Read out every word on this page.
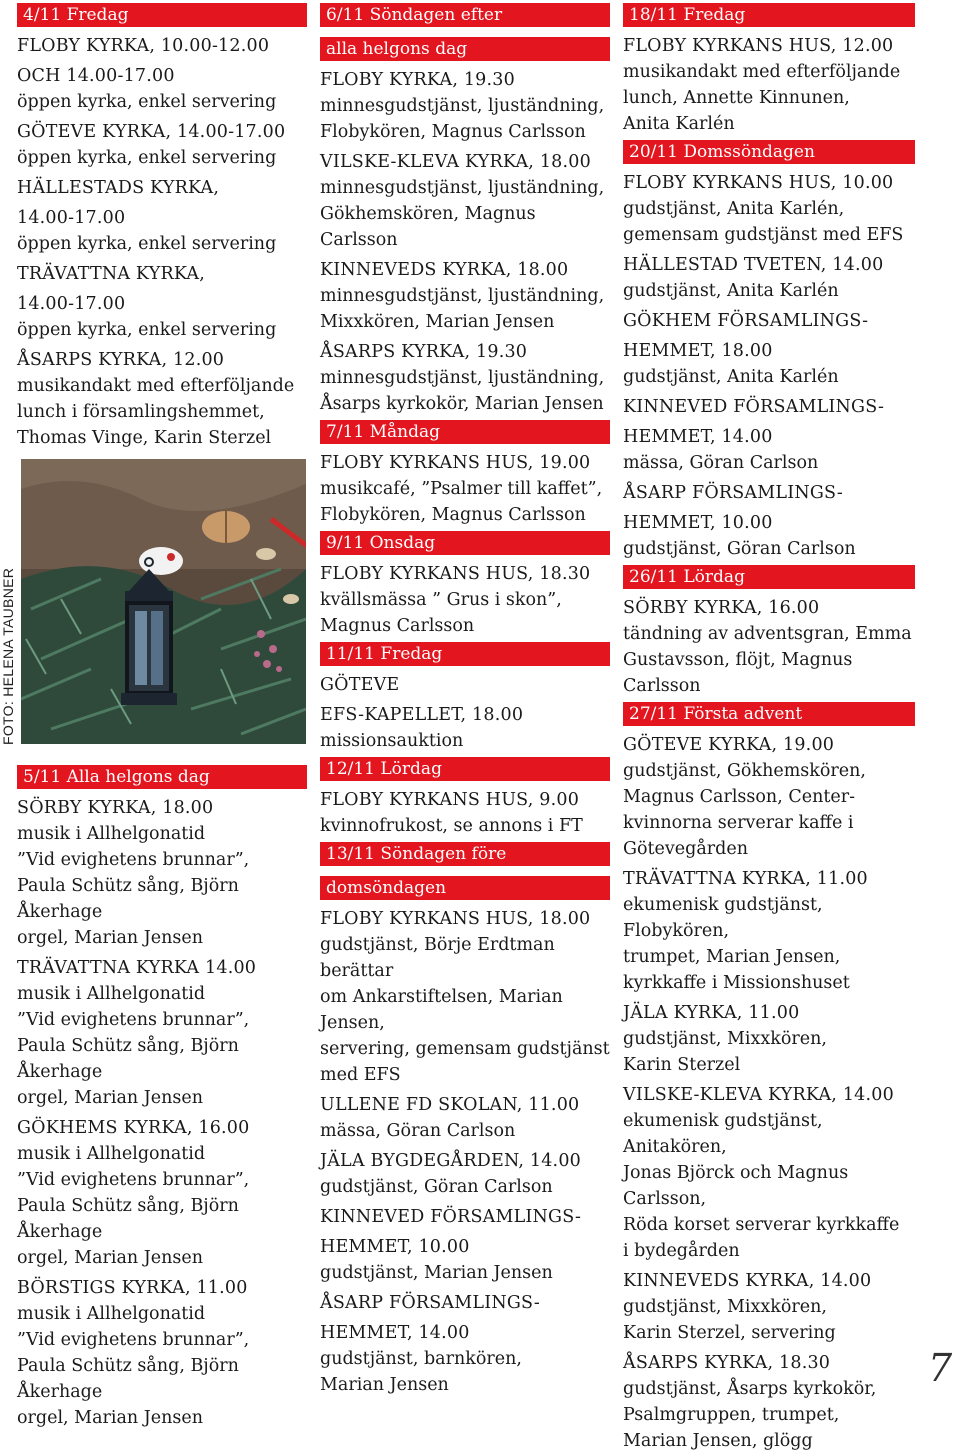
4/11 Fredag
FLOBY KYRKA, 10.00-12.00
OCH 14.00-17.00
öppen kyrka, enkel servering
GÖTEVE KYRKA, 14.00-17.00
öppen kyrka, enkel servering
HÄLLESTADS KYRKA,
14.00-17.00
öppen kyrka, enkel servering
TRÄVATTNA KYRKA,
14.00-17.00
öppen kyrka, enkel servering
ÅSARPS KYRKA, 12.00
musikandakt med efterföljande
lunch i församlingshemmet,
Thomas Vinge, Karin Sterzel
FOTO: HELENA TAUBNER
5/11 Alla helgons dag
SÖRBY KYRKA, 18.00
musik i Allhelgonatid
”Vid evighetens brunnar”,
Paula Schütz sång, Björn Åkerhage
orgel, Marian Jensen
TRÄVATTNA KYRKA 14.00
musik i Allhelgonatid
”Vid evighetens brunnar”,
Paula Schütz sång, Björn Åkerhage
orgel, Marian Jensen
GÖKHEMS KYRKA, 16.00
musik i Allhelgonatid
”Vid evighetens brunnar”,
Paula Schütz sång, Björn Åkerhage
orgel, Marian Jensen
BÖRSTIGS KYRKA, 11.00
musik i Allhelgonatid
”Vid evighetens brunnar”,
Paula Schütz sång, Björn Åkerhage
orgel, Marian Jensen
6/11 Söndagen efter
alla helgons dag
FLOBY KYRKA, 19.30
minnesgudstjänst, ljuständning,
Flobykören, Magnus Carlsson
VILSKE-KLEVA KYRKA, 18.00
minnesgudstjänst, ljuständning,
Gökhemskören, Magnus Carlsson
KINNEVEDS KYRKA, 18.00
minnesgudstjänst, ljuständning,
Mixxkören, Marian Jensen
ÅSARPS KYRKA, 19.30
minnesgudstjänst, ljuständning,
Åsarps kyrkokör, Marian Jensen
7/11 Måndag
FLOBY KYRKANS HUS, 19.00
musikcafé, ”Psalmer till kaffet”,
Flobykören, Magnus Carlsson
9/11 Onsdag
FLOBY KYRKANS HUS, 18.30
kvällsmässa ” Grus i skon”,
Magnus Carlsson
11/11 Fredag
GÖTEVE
EFS-KAPELLET, 18.00
missionsauktion
12/11 Lördag
FLOBY KYRKANS HUS, 9.00
kvinnofrukost, se annons i FT
13/11 Söndagen före
domsöndagen
FLOBY KYRKANS HUS, 18.00
gudstjänst, Börje Erdtman berättar
om Ankarstiftelsen, Marian Jensen,
servering, gemensam gudstjänst
med EFS
ULLENE FD SKOLAN, 11.00
mässa, Göran Carlson
JÄLA BYGDEGÅRDEN, 14.00
gudstjänst, Göran Carlson
KINNEVED FÖRSAMLINGS-
HEMMET, 10.00
gudstjänst, Marian Jensen
ÅSARP FÖRSAMLINGS-
HEMMET, 14.00
gudstjänst, barnkören,
Marian Jensen
18/11 Fredag
FLOBY KYRKANS HUS, 12.00
musikandakt med efterföljande
lunch, Annette Kinnunen,
Anita Karlén
20/11 Domssöndagen
FLOBY KYRKANS HUS, 10.00
gudstjänst, Anita Karlén,
gemensam gudstjänst med EFS
HÄLLESTAD TVETEN, 14.00
gudstjänst, Anita Karlén
GÖKHEM FÖRSAMLINGS-
HEMMET, 18.00
gudstjänst, Anita Karlén
KINNEVED FÖRSAMLINGS-
HEMMET, 14.00
mässa, Göran Carlson
ÅSARP FÖRSAMLINGS-
HEMMET, 10.00
gudstjänst, Göran Carlson
26/11 Lördag
SÖRBY KYRKA, 16.00
tändning av adventsgran, Emma
Gustavsson, flöjt, Magnus Carlsson
27/11 Första advent
GÖTEVE KYRKA, 19.00
gudstjänst, Gökhemskören,
Magnus Carlsson, Center-
kvinnorna serverar kaffe i
Götevegården
TRÄVATTNA KYRKA, 11.00
ekumenisk gudstjänst, Flobykören,
trumpet, Marian Jensen,
kyrkkaffe i Missionshuset
JÄLA KYRKA, 11.00
gudstjänst, Mixxkören,
Karin Sterzel
VILSKE-KLEVA KYRKA, 14.00
ekumenisk gudstjänst, Anitakören,
Jonas Björck och Magnus Carlsson,
Röda korset serverar kyrkkaffe
i bydegården
KINNEVEDS KYRKA, 14.00
gudstjänst, Mixxkören,
Karin Sterzel, servering
ÅSARPS KYRKA, 18.30
gudstjänst, Åsarps kyrkokör,
Psalmgruppen, trumpet,
Marian Jensen, glögg
7
